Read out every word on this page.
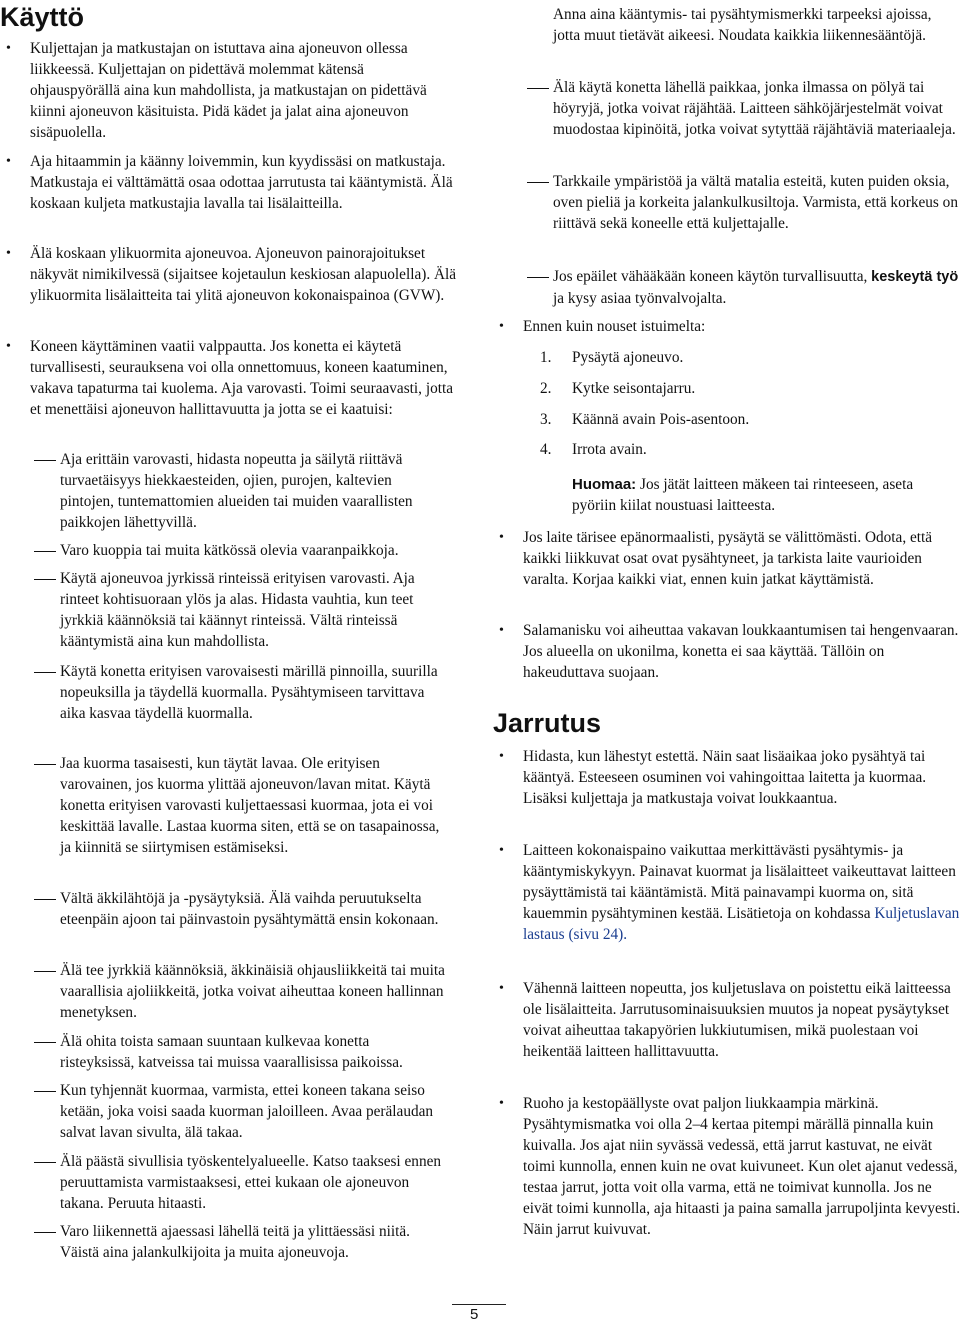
Käyttö
• Kuljettajan ja matkustajan on istuttava aina ajoneuvon ollessa liikkeessä. Kuljettajan on pidettävä molemmat kätensä ohjauspyörällä aina kun mahdollista, ja matkustajan on pidettävä kiinni ajoneuvon käsituista. Pidä kädet ja jalat aina ajoneuvon sisäpuolella.

• Aja hitaammin ja käänny loivemmin, kun kyydissäsi on matkustaja. Matkustaja ei välttämättä osaa odottaa jarrutusta tai kääntymistä. Älä koskaan kuljeta matkustajia lavalla tai lisälaitteilla.

• Älä koskaan ylikuormita ajoneuvoa. Ajoneuvon painorajoitukset näkyvät nimikilvessä (sijaitsee kojetaulun keskiosan alapuolella). Älä ylikuormita lisälaitteita tai ylitä ajoneuvon kokonaispainoa (GVW).

• Koneen käyttäminen vaatii valppautta. Jos konetta ei käytetä turvallisesti, seurauksena voi olla onnettomuus, koneen kaatuminen, vakava tapaturma tai kuolema. Aja varovasti. Toimi seuraavasti, jotta et menettäisi ajoneuvon hallittavuutta ja jotta se ei kaatuisi:

Aja erittäin varovasti, hidasta nopeutta ja säilytä riittävä turvaetäisyys hiekkaesteiden, ojien, purojen, kaltevien pintojen, tuntemattomien alueiden tai muiden vaarallisten paikkojen lähettyvillä.

Varo kuoppia tai muita kätkössä olevia vaaranpaikkoja.

Käytä ajoneuvoa jyrkissä rinteissä erityisen varovasti. Aja rinteet kohtisuoraan ylös ja alas. Hidasta vauhtia, kun teet jyrkkiä käännöksiä tai käännyt rinteissä. Vältä rinteissä kääntymistä aina kun mahdollista.

Käytä konetta erityisen varovaisesti märillä pinnoilla, suurilla nopeuksilla ja täydellä kuormalla. Pysähtymiseen tarvittava aika kasvaa täydellä kuormalla.

Jaa kuorma tasaisesti, kun täytät lavaa. Ole erityisen varovainen, jos kuorma ylittää ajoneuvon/lavan mitat. Käytä konetta erityisen varovasti kuljettaessasi kuormaa, jota ei voi keskittää lavalle. Lastaa kuorma siten, että se on tasapainossa, ja kiinnitä se siirtymisen estämiseksi.

Vältä äkkilähtöjä ja -pysäytyksiä. Älä vaihda peruutukselta eteenpäin ajoon tai päinvastoin pysähtymättä ensin kokonaan.

Älä tee jyrkkiä käännöksiä, äkkinäisiä ohjausliikkeitä tai muita vaarallisia ajoliikkeitä, jotka voivat aiheuttaa koneen hallinnan menetyksen.

Älä ohita toista samaan suuntaan kulkevaa konetta risteyksissä, katveissa tai muissa vaarallisissa paikoissa.

Kun tyhjennät kuormaa, varmista, ettei koneen takana seiso ketään, joka voisi saada kuorman jaloilleen. Avaa perälaudan salvat lavan sivulta, älä takaa.

Älä päästä sivullisia työskentelyalueelle. Katso taaksesi ennen peruuttamista varmistaaksesi, ettei kukaan ole ajoneuvon takana. Peruuta hitaasti.

Varo liikennettä ajaessasi lähellä teitä ja ylittäessäsi niitä. Väistä aina jalankulkijoita ja muita ajoneuvoja.

Anna aina kääntymis- tai pysähtymismerkki tarpeeksi ajoissa, jotta muut tietävät aikeesi. Noudata kaikkia liikennesääntöjä.

Älä käytä konetta lähellä paikkaa, jonka ilmassa on pölyä tai höyryjä, jotka voivat räjähtää. Laitteen sähköjärjestelmät voivat muodostaa kipinöitä, jotka voivat sytyttää räjähtäviä materiaaleja.

Tarkkaile ympäristöä ja vältä matalia esteitä, kuten puiden oksia, oven pieliä ja korkeita jalankulkusiltoja. Varmista, että korkeus on riittävä sekä koneelle että kuljettajalle.

Jos epäilet vähääkään koneen käytön turvallisuutta, keskeytä työ ja kysy asiaa työnvalvojalta.

• Ennen kuin nouset istuimelta:

1. Pysäytä ajoneuvo.

2. Kytke seisontajarru.

3. Käännä avain Pois-asentoon.

4. Irrota avain.

Huomaa: Jos jätät laitteen mäkeen tai rinteeseen, aseta pyöriin kiilat noustuasi laitteesta.

• Jos laite tärisee epänormaalisti, pysäytä se välittömästi. Odota, että kaikki liikkuvat osat ovat pysähtyneet, ja tarkista laite vaurioiden varalta. Korjaa kaikki viat, ennen kuin jatkat käyttämistä.

• Salamanisku voi aiheuttaa vakavan loukkaantumisen tai hengenvaaran. Jos alueella on ukonilma, konetta ei saa käyttää. Tällöin on hakeuduttava suojaan.

Jarrutus
• Hidasta, kun lähestyt estettä. Näin saat lisäaikaa joko pysähtyä tai kääntyä. Esteeseen osuminen voi vahingoittaa laitetta ja kuormaa. Lisäksi kuljettaja ja matkustaja voivat loukkaantua.

• Laitteen kokonaispaino vaikuttaa merkittävästi pysähtymis- ja kääntymiskykyyn. Painavat kuormat ja lisälaitteet vaikeuttavat laitteen pysäyttämistä tai kääntämistä. Mitä painavampi kuorma on, sitä kauemmin pysähtyminen kestää. Lisätietoja on kohdassa Kuljetuslavan lastaus (sivu 24).

• Vähennä laitteen nopeutta, jos kuljetuslava on poistettu eikä laitteessa ole lisälaitteita. Jarrutusominaisuuksien muutos ja nopeat pysäytykset voivat aiheuttaa takapyörien lukkiutumisen, mikä puolestaan voi heikentää laitteen hallittavuutta.

• Ruoho ja kestopäällyste ovat paljon liukkaampia märkinä. Pysähtymismatka voi olla 2–4 kertaa pitempi märällä pinnalla kuin kuivalla. Jos ajat niin syvässä vedessä, että jarrut kastuvat, ne eivät toimi kunnolla, ennen kuin ne ovat kuivuneet. Kun olet ajanut vedessä, testaa jarrut, jotta voit olla varma, että ne toimivat kunnolla. Jos ne eivät toimi kunnolla, aja hitaasti ja paina samalla jarrupoljinta kevyesti. Näin jarrut kuivuvat.

5
